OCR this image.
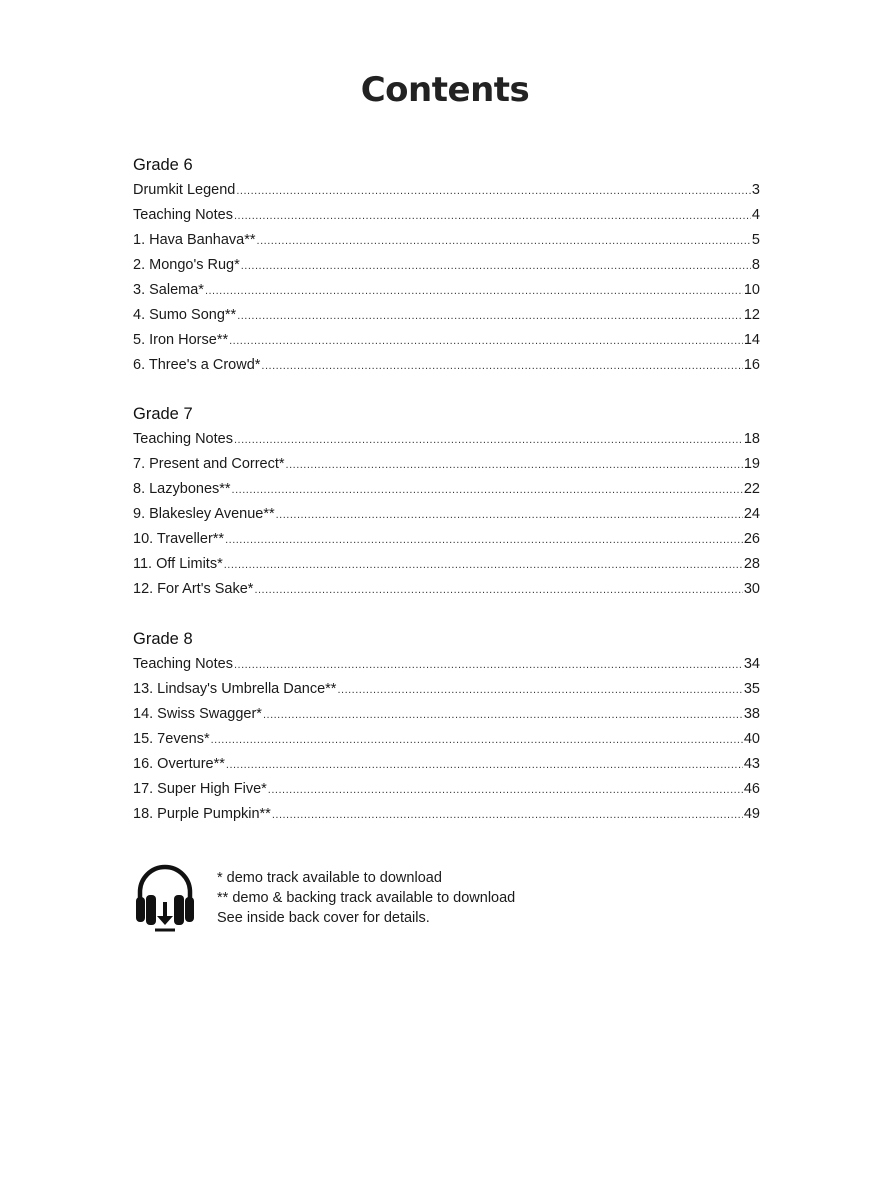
Contents
Grade 6
Drumkit Legend .....	3
Teaching Notes .....	4
1. Hava Banhava** .....	5
2. Mongo's Rug* .....	8
3. Salema* .....	10
4. Sumo Song** .....	12
5. Iron Horse** .....	14
6. Three's a Crowd* .....	16
Grade 7
Teaching Notes .....	18
7. Present and Correct* .....	19
8. Lazybones** .....	22
9. Blakesley Avenue** .....	24
10. Traveller** .....	26
11. Off Limits* .....	28
12. For Art's Sake* .....	30
Grade 8
Teaching Notes .....	34
13. Lindsay's Umbrella Dance** .....	35
14. Swiss Swagger* .....	38
15. 7evens* .....	40
16. Overture** .....	43
17. Super High Five* .....	46
18. Purple Pumpkin** .....	49
* demo track available to download
** demo & backing track available to download
See inside back cover for details.
